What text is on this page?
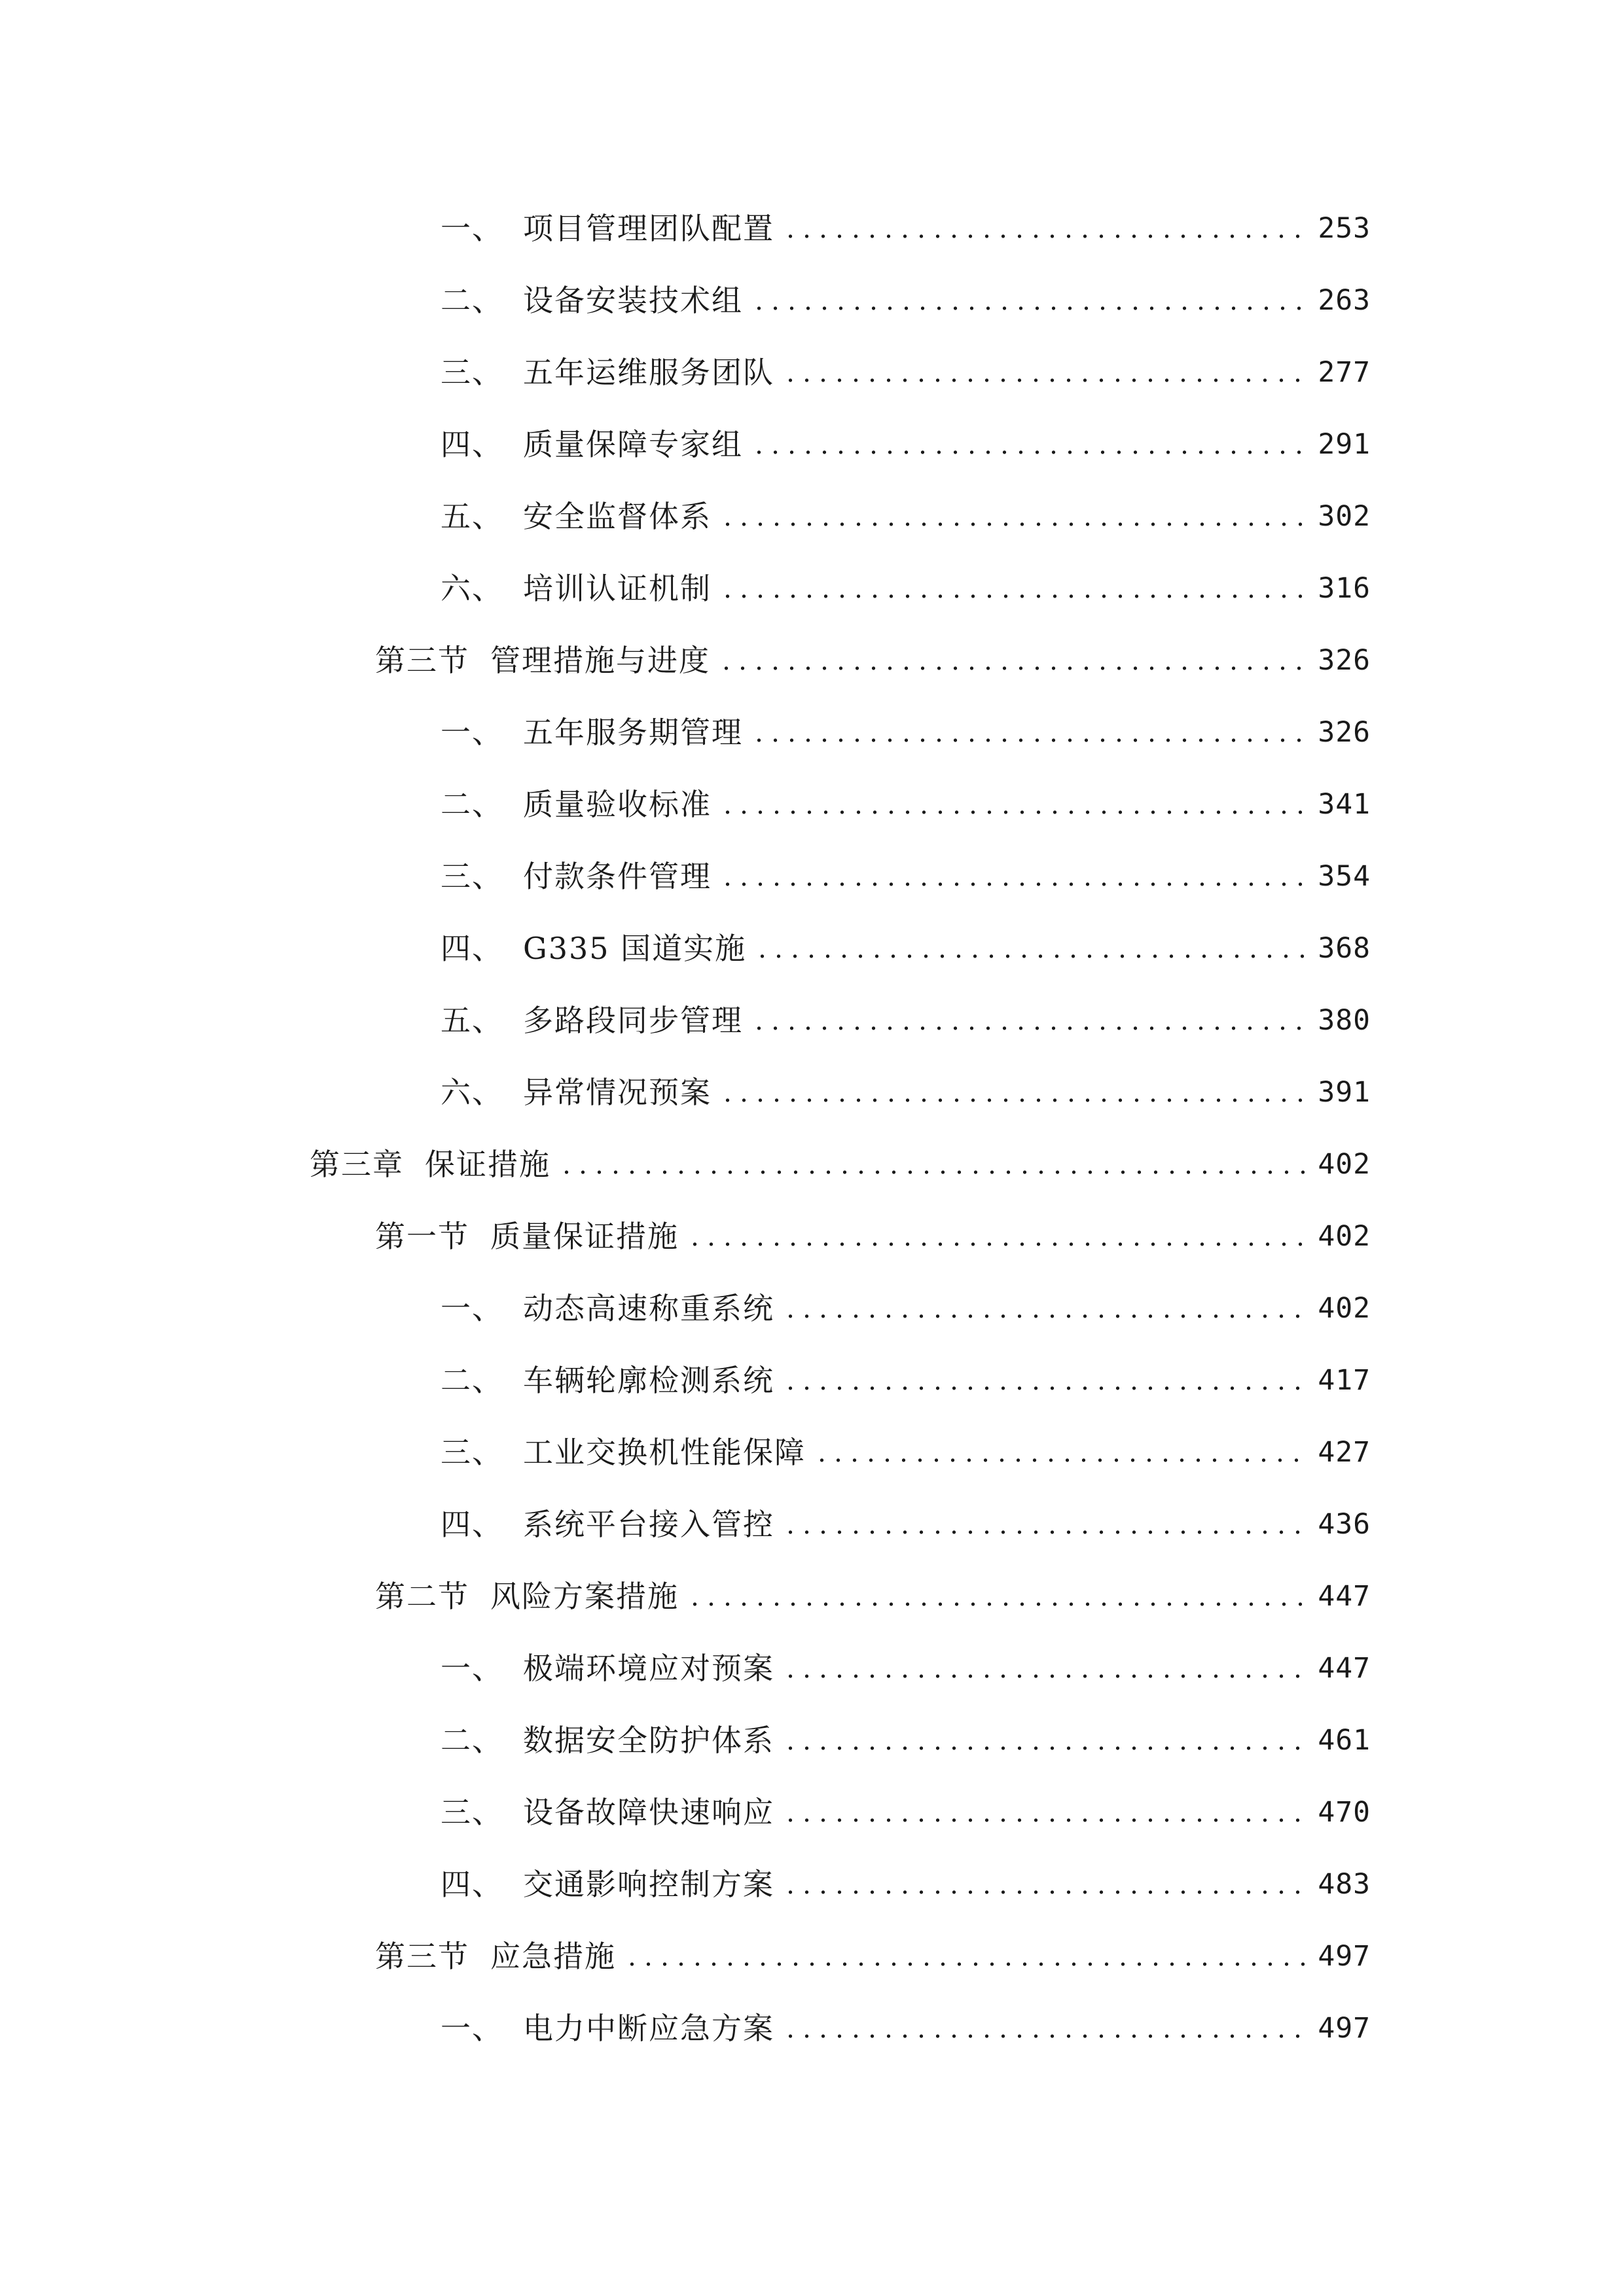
一、 项目管理团队配置	253
二、 设备安装技术组	263
三、 五年运维服务团队	277
四、 质量保障专家组	291
五、 安全监督体系	302
六、 培训认证机制	316
第三节 管理措施与进度	326
一、 五年服务期管理	326
二、 质量验收标准	341
三、 付款条件管理	354
四、 G335 国道实施	368
五、 多路段同步管理	380
六、 异常情况预案	391
第三章 保证措施	402
第一节 质量保证措施	402
一、 动态高速称重系统	402
二、 车辆轮廓检测系统	417
三、 工业交换机性能保障	427
四、 系统平台接入管控	436
第二节 风险方案措施	447
一、 极端环境应对预案	447
二、 数据安全防护体系	461
三、 设备故障快速响应	470
四、 交通影响控制方案	483
第三节 应急措施	497
一、 电力中断应急方案	497
